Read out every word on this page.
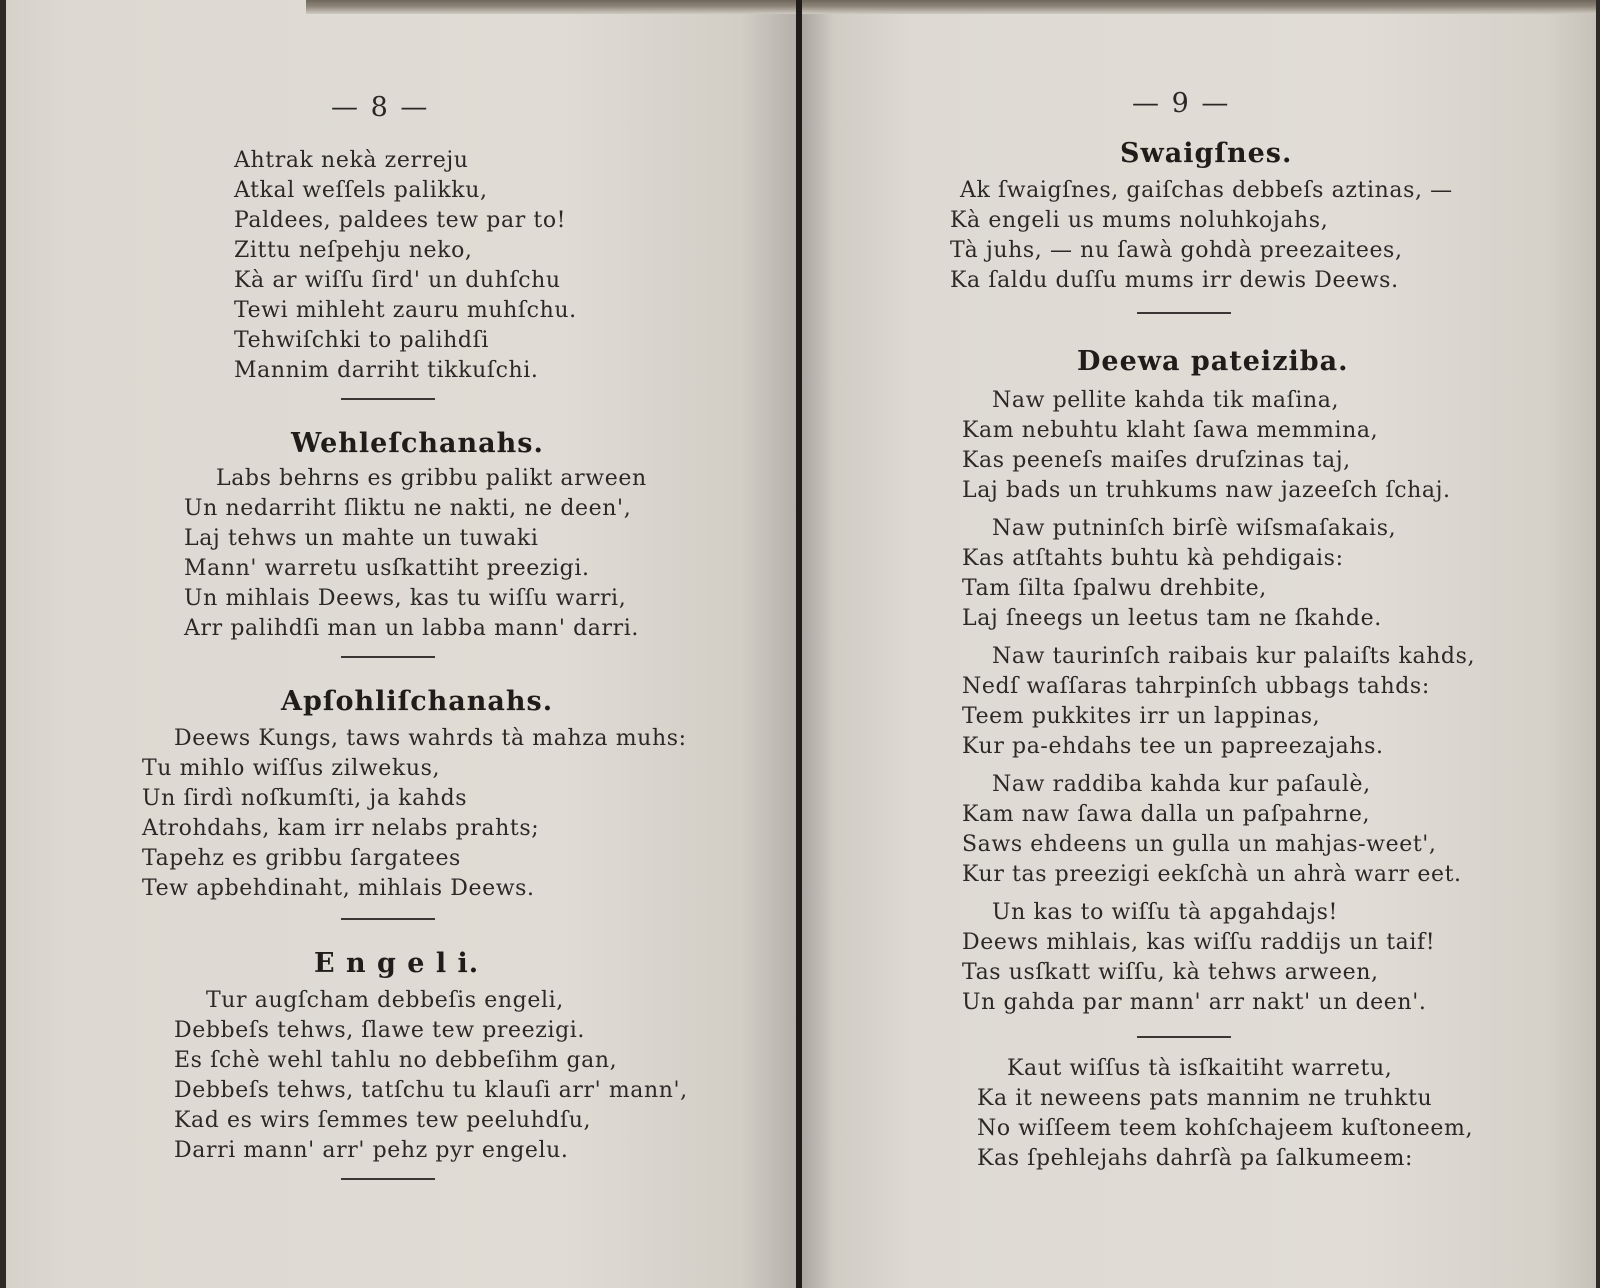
— 8 —
Ahtrak nekà zerreju
Atkal weſſels palikku,
Paldees, paldees tew par to!
Zittu neſpehju neko,
Kà ar wiſſu ſird' un duhſchu
Tewi mihleht zauru muhſchu.
Tehwiſchki to palihdſi
Mannim darriht tikkuſchi.
Wehleſchanahs.
Labs behrns es gribbu palikt arween
Un nedarriht ſliktu ne nakti, ne deen',
Laj tehws un mahte un tuwaki
Mann' warretu usſkattiht preezigi.
Un mihlais Deews, kas tu wiſſu warri,
Arr palihdſi man un labba mann' darri.
Apſohliſchanahs.
Deews Kungs, taws wahrds tà mahza muhs:
Tu mihlo wiſſus zilwekus,
Un ſirdì noſkumſti, ja kahds
Atrohdahs, kam irr nelabs prahts;
Tapehz es gribbu ſargatees
Tew apbehdinaht, mihlais Deews.
E n g e l i.
Tur augſcham debbeſis engeli,
Debbeſs tehws, ſlawe tew preezigi.
Es ſchè wehl tahlu no debbeſihm gan,
Debbeſs tehws, tatſchu tu klauſi arr' mann',
Kad es wirs ſemmes tew peeluhdſu,
Darri mann' arr' pehz pyr engelu.
— 9 —
Swaigſnes.
Ak ſwaigſnes, gaiſchas debbeſs aztinas, —
Kà engeli us mums noluhkojahs,
Tà juhs, — nu ſawà gohdà preezaitees,
Ka ſaldu duſſu mums irr dewis Deews.
Deewa pateiziba.
Naw pellite kahda tik maſina,
Kam nebuhtu klaht ſawa memmina,
Kas peeneſs maiſes druſzinas taj,
Laj bads un truhkums naw jazeeſch ſchaj.
Naw putninſch birſè wiſsmaſakais,
Kas atſtahts buhtu kà pehdigais:
Tam ſilta ſpalwu drehbite,
Laj ſneegs un leetus tam ne ſkahde.
Naw taurinſch raibais kur palaiſts kahds,
Nedſ waſſaras tahrpinſch ubbags tahds:
Teem pukkites irr un lappinas,
Kur pa-ehdahs tee un papreezajahs.
Naw raddiba kahda kur paſaulè,
Kam naw ſawa dalla un paſpahrne,
Saws ehdeens un gulla un mahjas-weet',
Kur tas preezigi eekſchà un ahrà warr eet.
Un kas to wiſſu tà apgahdajs!
Deews mihlais, kas wiſſu raddijs un taif!
Tas usſkatt wiſſu, kà tehws arween,
Un gahda par mann' arr nakt' un deen'.
Kaut wiſſus tà isſkaitiht warretu,
Ka it neweens pats mannim ne truhktu
No wiſſeem teem kohſchajeem kuſtoneem,
Kas ſpehlejahs dahrſà pa ſalkumeem:
